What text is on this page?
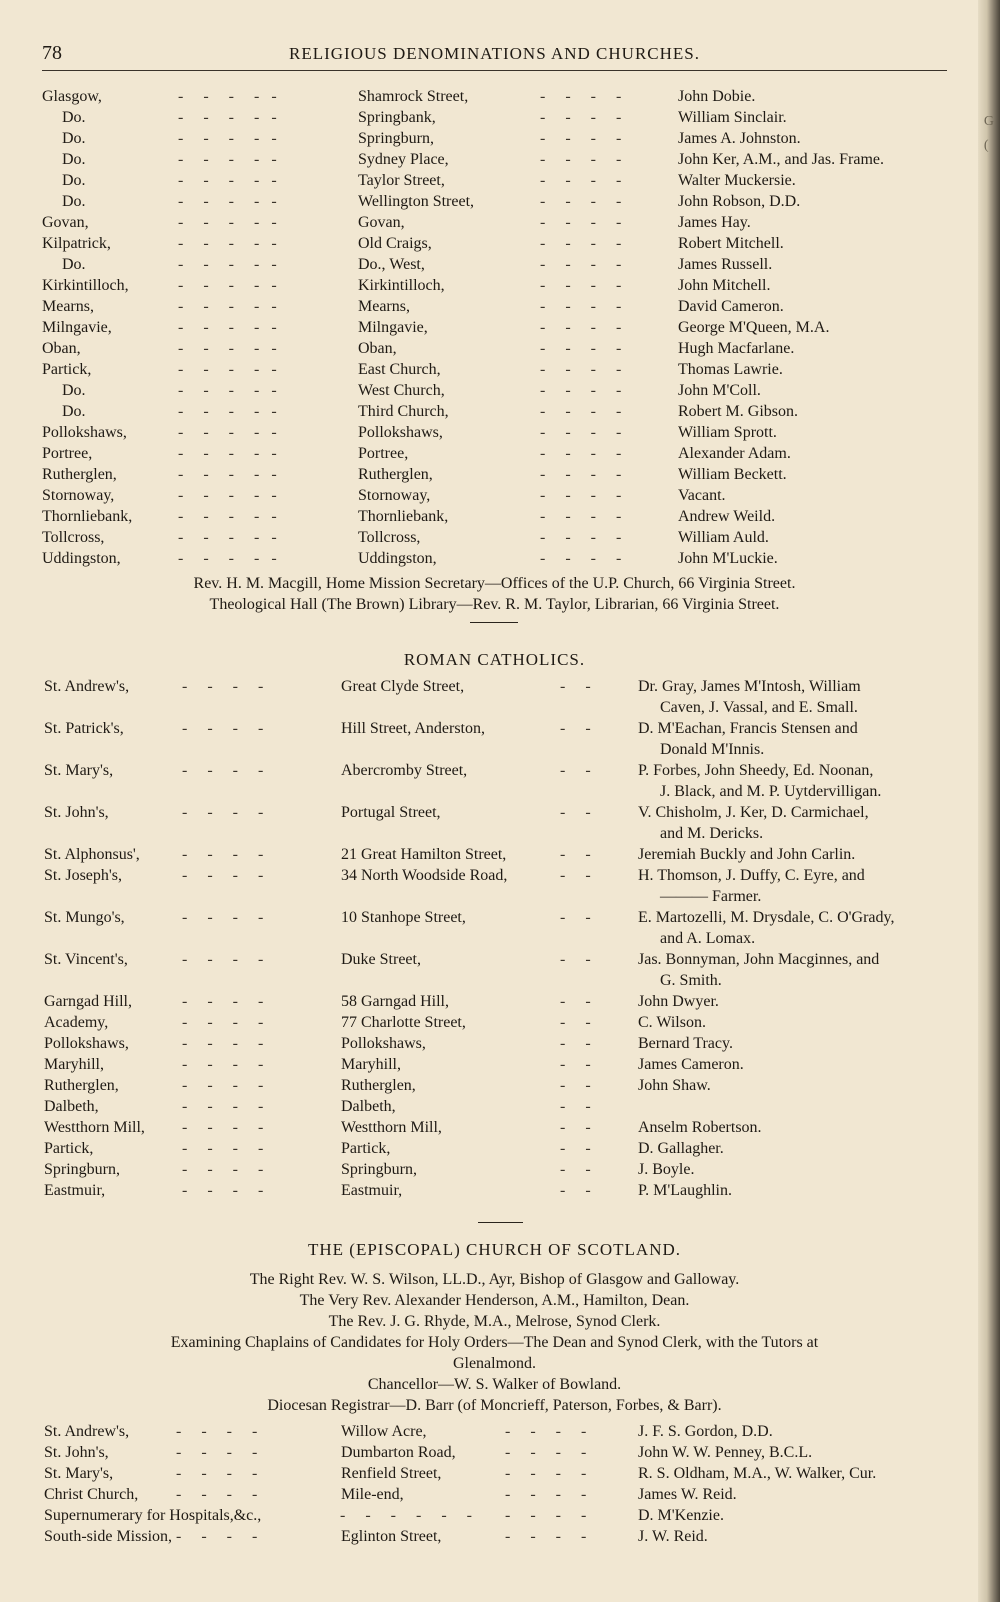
G
(
78	RELIGIOUS DENOMINATIONS AND CHURCHES.
Glasgow,	-     -     -     -   -	Shamrock Street,	-     -     -     -	John Dobie.
Do.	-     -     -     -   -	Springbank,	-     -     -     -	William Sinclair.
Do.	-     -     -     -   -	Springburn,	-     -     -     -	James A. Johnston.
Do.	-     -     -     -   -	Sydney Place,	-     -     -     -	John Ker, A.M., and Jas. Frame.
Do.	-     -     -     -   -	Taylor Street,	-     -     -     -	Walter Muckersie.
Do.	-     -     -     -   -	Wellington Street,	-     -     -     -	John Robson, D.D.
Govan,	-     -     -     -   -	Govan,	-     -     -     -	James Hay.
Kilpatrick,	-     -     -     -   -	Old Craigs,	-     -     -     -	Robert Mitchell.
Do.	-     -     -     -   -	Do., West,	-     -     -     -	James Russell.
Kirkintilloch,	-     -     -     -   -	Kirkintilloch,	-     -     -     -	John Mitchell.
Mearns,	-     -     -     -   -	Mearns,	-     -     -     -	David Cameron.
Milngavie,	-     -     -     -   -	Milngavie,	-     -     -     -	George M'Queen, M.A.
Oban,	-     -     -     -   -	Oban,	-     -     -     -	Hugh Macfarlane.
Partick,	-     -     -     -   -	East Church,	-     -     -     -	Thomas Lawrie.
Do.	-     -     -     -   -	West Church,	-     -     -     -	John M'Coll.
Do.	-     -     -     -   -	Third Church,	-     -     -     -	Robert M. Gibson.
Pollokshaws,	-     -     -     -   -	Pollokshaws,	-     -     -     -	William Sprott.
Portree,	-     -     -     -   -	Portree,	-     -     -     -	Alexander Adam.
Rutherglen,	-     -     -     -   -	Rutherglen,	-     -     -     -	William Beckett.
Stornoway,	-     -     -     -   -	Stornoway,	-     -     -     -	Vacant.
Thornliebank,	-     -     -     -   -	Thornliebank,	-     -     -     -	Andrew Weild.
Tollcross,	-     -     -     -   -	Tollcross,	-     -     -     -	William Auld.
Uddingston,	-     -     -     -   -	Uddingston,	-     -     -     -	John M'Luckie.
Rev. H. M. Macgill, Home Mission Secretary—Offices of the U.P. Church, 66 Virginia Street.
Theological Hall (The Brown) Library—Rev. R. M. Taylor, Librarian, 66 Virginia Street.
ROMAN CATHOLICS.
St. Andrew's,	-     -     -     -	Great Clyde Street,	-     -	Dr. Gray, James M'Intosh, William
Caven, J. Vassal, and E. Small.
St. Patrick's,	-     -     -     -	Hill Street, Anderston,	-     -	D. M'Eachan, Francis Stensen and
Donald M'Innis.
St. Mary's,	-     -     -     -	Abercromby Street,	-     -	P. Forbes, John Sheedy, Ed. Noonan,
J. Black, and M. P. Uytdervilligan.
St. John's,	-     -     -     -	Portugal Street,	-     -	V. Chisholm, J. Ker, D. Carmichael,
and M. Dericks.
St. Alphonsus',	-     -     -     -	21 Great Hamilton Street,	-     -	Jeremiah Buckly and John Carlin.
St. Joseph's,	-     -     -     -	34 North Woodside Road,	-     -	H. Thomson, J. Duffy, C. Eyre, and
——— Farmer.
St. Mungo's,	-     -     -     -	10 Stanhope Street,	-     -	E. Martozelli, M. Drysdale, C. O'Grady,
and A. Lomax.
St. Vincent's,	-     -     -     -	Duke Street,	-     -	Jas. Bonnyman, John Macginnes, and
G. Smith.
Garngad Hill,	-     -     -     -	58 Garngad Hill,	-     -	John Dwyer.
Academy,	-     -     -     -	77 Charlotte Street,	-     -	C. Wilson.
Pollokshaws,	-     -     -     -	Pollokshaws,	-     -	Bernard Tracy.
Maryhill,	-     -     -     -	Maryhill,	-     -	James Cameron.
Rutherglen,	-     -     -     -	Rutherglen,	-     -	John Shaw.
Dalbeth,	-     -     -     -	Dalbeth,	-     -
Westthorn Mill, -     -     -     -	Westthorn Mill,	-     -	Anselm Robertson.
Partick,	-     -     -     -	Partick,	-     -	D. Gallagher.
Springburn,	-     -     -     -	Springburn,	-     -	J. Boyle.
Eastmuir,	-     -     -     -	Eastmuir,	-     -	P. M'Laughlin.
THE (EPISCOPAL) CHURCH OF SCOTLAND.
The Right Rev. W. S. Wilson, LL.D., Ayr, Bishop of Glasgow and Galloway.
The Very Rev. Alexander Henderson, A.M., Hamilton, Dean.
The Rev. J. G. Rhyde, M.A., Melrose, Synod Clerk.
Examining Chaplains of Candidates for Holy Orders—The Dean and Synod Clerk, with the Tutors at
Glenalmond.
Chancellor—W. S. Walker of Bowland.
Diocesan Registrar—D. Barr (of Moncrieff, Paterson, Forbes, & Barr).
St. Andrew's,	-     -     -     -	Willow Acre,	-     -     -     -	J. F. S. Gordon, D.D.
St. John's,	-     -     -     -	Dumbarton Road,	-     -     -     -	John W. W. Penney, B.C.L.
St. Mary's,	-     -     -     -	Renfield Street,	-     -     -     -	R. S. Oldham, M.A., W. Walker, Cur.
Christ Church, -     -     -     -	Mile-end,	-     -     -     -	James W. Reid.
Supernumerary for Hospitals,&c.,	-     -     -     -     -     - -     -     -     -	D. M'Kenzie.
South-side Mission, -     -     -     -	Eglinton Street,	-     -     -     -	J. W. Reid.
